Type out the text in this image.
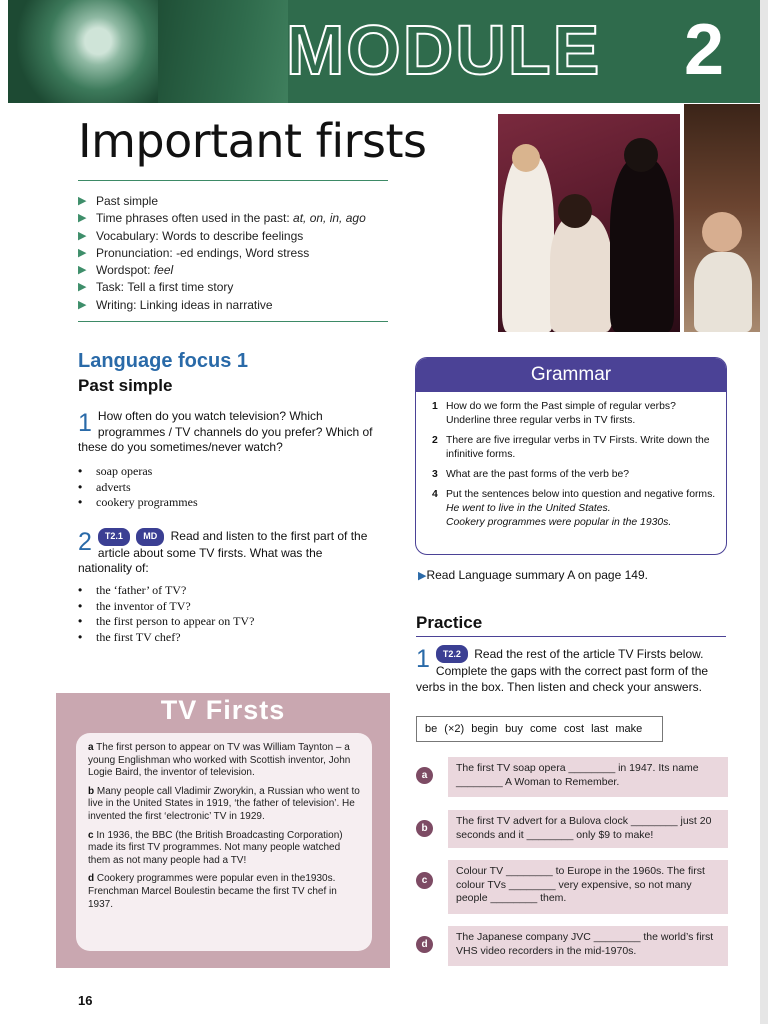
MODULE 2
Important firsts
▶ Past simple
▶ Time phrases often used in the past:
at, on, in, ago
▶ Vocabulary:
Words to describe feelings
▶ Pronunciation:
-ed endings, Word stress
▶ Wordspot:
feel
▶ Task:
Tell a first time story
▶ Writing:
Linking ideas in narrative
Language focus 1
Past simple
1 How often do you watch television? Which programmes / TV channels do you prefer? Which of these do you sometimes/never watch?
• soap operas
• adverts
• cookery programmes
2 T2.1 MD Read and listen to the first part of the article about some TV firsts. What was the nationality of:
• the ‘father’ of TV?
• the inventor of TV?
• the first person to appear on TV?
• the first TV chef?
Grammar
1 How do we form the Past simple of regular verbs? Underline three regular verbs in TV firsts.
2 There are five irregular verbs in TV Firsts. Write down the infinitive forms.
3 What are the past forms of the verb be?
4 Put the sentences below into question and negative forms.
He went to live in the United States.
Cookery programmes were popular in the 1930s.
▶Read Language summary A on page 149.
Practice
1 T2.2 Read the rest of the article TV Firsts below. Complete the gaps with the correct past form of the verbs in the box. Then listen and check your answers.
be (×2) begin buy come cost last make
a
The first TV soap opera ________ in 1947. Its name ________ A Woman to Remember.
b
The first TV advert for a Bulova clock ________ just 20 seconds and it ________ only $9 to make!
c
Colour TV ________ to Europe in the 1960s. The first colour TVs ________ very expensive, so not many people ________ them.
d
The Japanese company JVC ________ the world’s first VHS video recorders in the mid-1970s.
TV Firsts

a The first person to appear on TV was William Taynton – a young Englishman who worked with Scottish inventor, John Logie Baird, the inventor of television.

b Many people call Vladimir Zworykin, a Russian who went to live in the United States in 1919, ‘the father of television’. He invented the first ‘electronic’ TV in 1929.

c In 1936, the BBC (the British Broadcasting Corporation) made its first TV programmes. Not many people watched them as not many people had a TV!

d Cookery programmes were popular even in the1930s. Frenchman Marcel Boulestin became the first TV chef in 1937.

16
